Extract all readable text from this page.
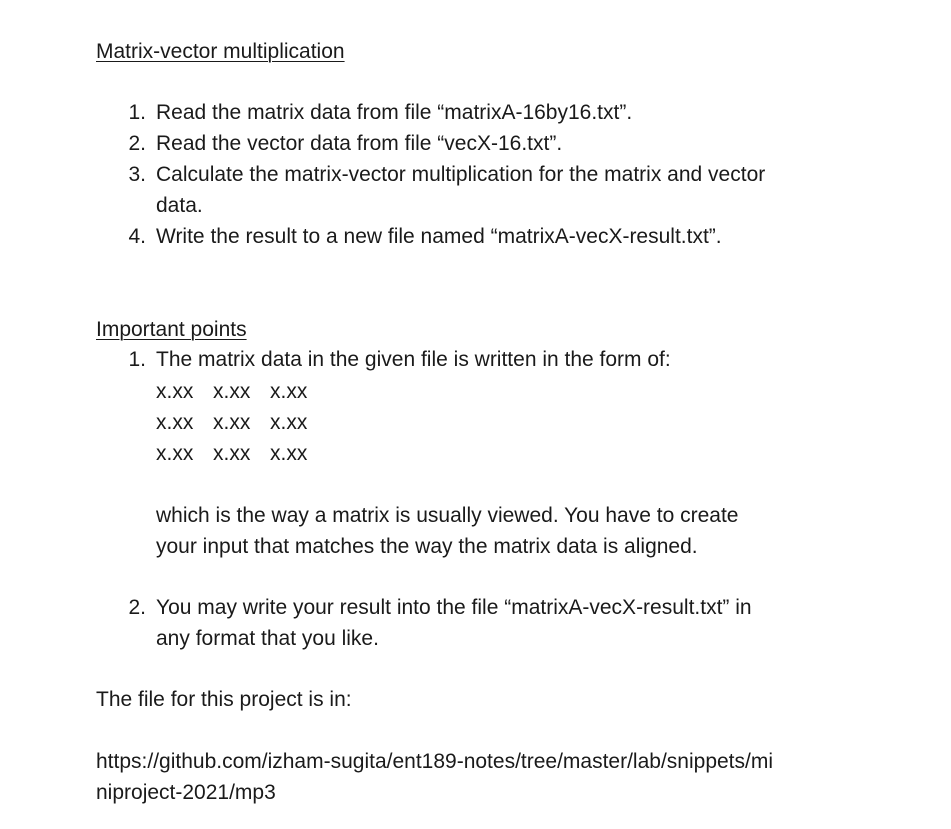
Matrix-vector multiplication
1. Read the matrix data from file “matrixA-16by16.txt”.
2. Read the vector data from file “vecX-16.txt”.
3. Calculate the matrix-vector multiplication for the matrix and vector
data.
4. Write the result to a new file named “matrixA-vecX-result.txt”.
Important points
1. The matrix data in the given file is written in the form of:
x.xx  x.xx  x.xx
x.xx  x.xx  x.xx
x.xx  x.xx  x.xx
which is the way a matrix is usually viewed. You have to create
your input that matches the way the matrix data is aligned.
2. You may write your result into the file “matrixA-vecX-result.txt” in
any format that you like.
The file for this project is in:
https://github.com/izham-sugita/ent189-notes/tree/master/lab/snippets/mi
niproject-2021/mp3
